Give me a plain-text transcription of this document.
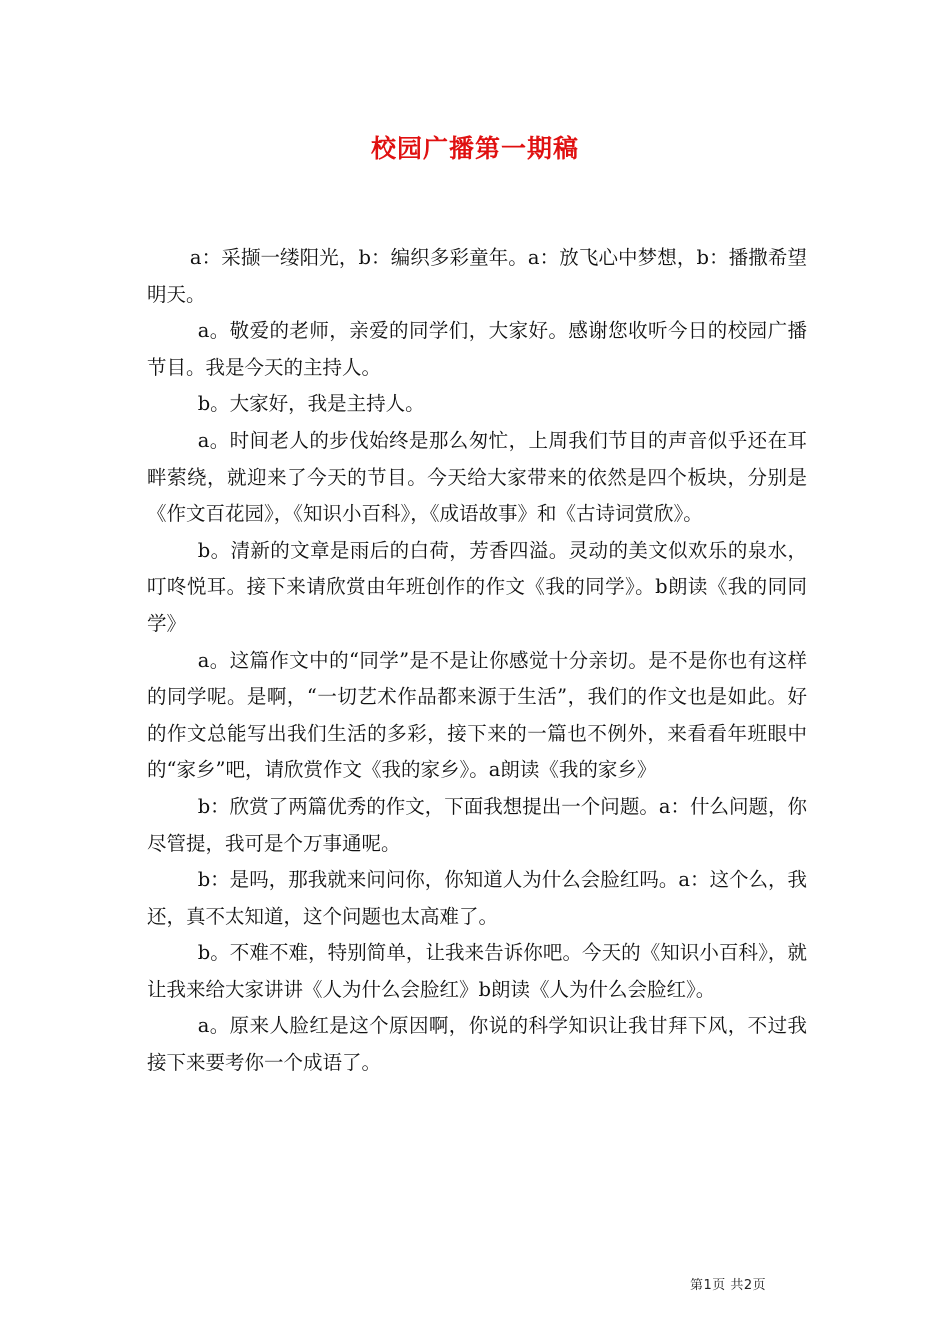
校园广播第一期稿

a：采撷一缕阳光，b：编织多彩童年。a：放飞心中梦想，b：播撒希望明天。

a。敬爱的老师，亲爱的同学们，大家好。感谢您收听今日的校园广播节目。我是今天的主持人。

b。大家好，我是主持人。

a。时间老人的步伐始终是那么匆忙，上周我们节目的声音似乎还在耳畔萦绕，就迎来了今天的节目。今天给大家带来的依然是四个板块，分别是《作文百花园》，《知识小百科》，《成语故事》和《古诗词赏欣》。

b。清新的文章是雨后的白荷，芳香四溢。灵动的美文似欢乐的泉水，叮咚悦耳。接下来请欣赏由年班创作的作文《我的同学》。b朗读《我的同同学》

a。这篇作文中的“同学”是不是让你感觉十分亲切。是不是你也有这样的同学呢。是啊，“一切艺术作品都来源于生活”，我们的作文也是如此。好的作文总能写出我们生活的多彩，接下来的一篇也不例外，来看看年班眼中的“家乡”吧，请欣赏作文《我的家乡》。a朗读《我的家乡》

b：欣赏了两篇优秀的作文，下面我想提出一个问题。a：什么问题，你尽管提，我可是个万事通呢。

b：是吗，那我就来问问你，你知道人为什么会脸红吗。a：这个么，我还，真不太知道，这个问题也太高难了。

b。不难不难，特别简单，让我来告诉你吧。今天的《知识小百科》，就让我来给大家讲讲《人为什么会脸红》b朗读《人为什么会脸红》。

a。原来人脸红是这个原因啊，你说的科学知识让我甘拜下风，不过我接下来要考你一个成语了。

第1页 共2页
